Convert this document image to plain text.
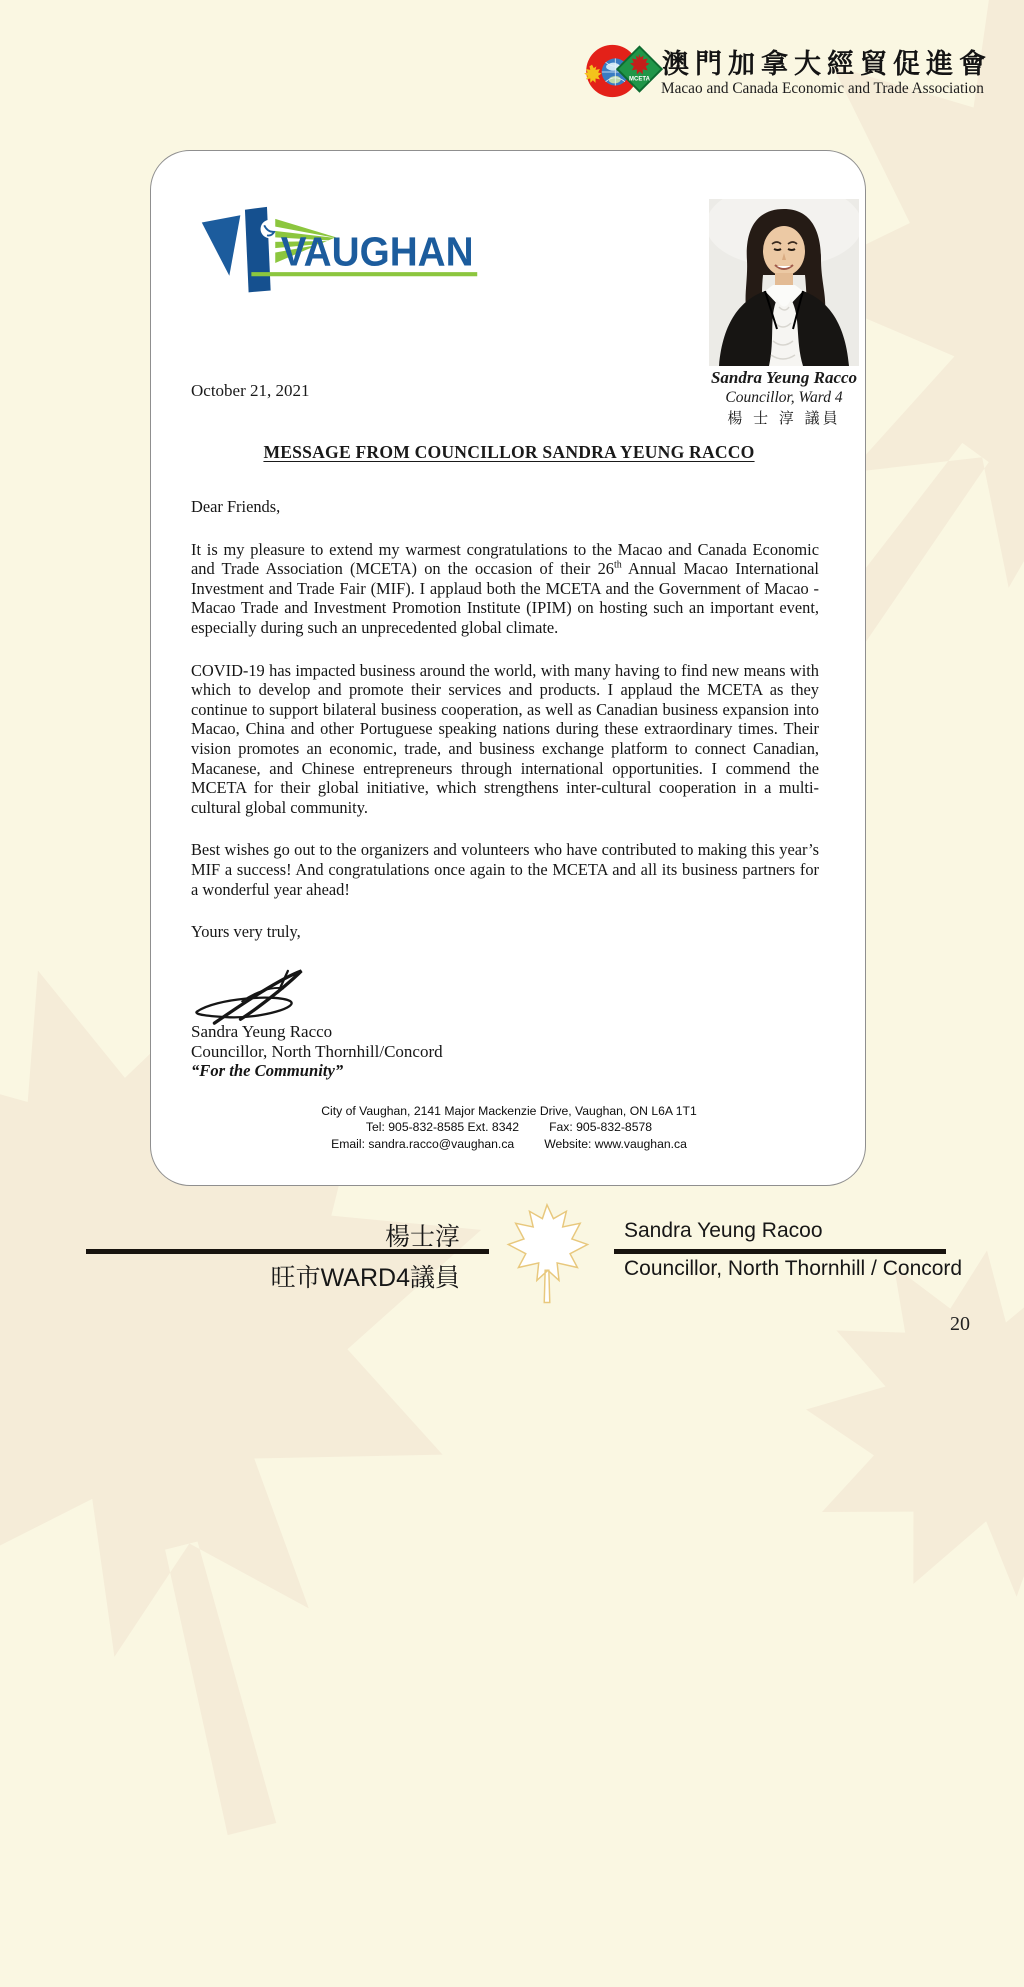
MCETA 澳門加拿大經貿促進會
Macao and Canada Economic and Trade Association
VAUGHAN
Sandra Yeung Racco
Councillor, Ward 4
楊 士 淳 議員
October 21, 2021
MESSAGE FROM COUNCILLOR SANDRA YEUNG RACCO

Dear Friends,

It is my pleasure to extend my warmest congratulations to the Macao and Canada Economic and Trade Association (MCETA) on the occasion of their 26th Annual Macao International Investment and Trade Fair (MIF). I applaud both the MCETA and the Government of Macao - Macao Trade and Investment Promotion Institute (IPIM) on hosting such an important event, especially during such an unprecedented global climate.

COVID-19 has impacted business around the world, with many having to find new means with which to develop and promote their services and products. I applaud the MCETA as they continue to support bilateral business cooperation, as well as Canadian business expansion into Macao, China and other Portuguese speaking nations during these extraordinary times. Their vision promotes an economic, trade, and business exchange platform to connect Canadian, Macanese, and Chinese entrepreneurs through international opportunities. I commend the MCETA for their global initiative, which strengthens inter-cultural cooperation in a multi-cultural global community.

Best wishes go out to the organizers and volunteers who have contributed to making this year’s MIF a success! And congratulations once again to the MCETA and all its business partners for a wonderful year ahead!

Yours very truly,

Sandra Yeung Racco
Councillor, North Thornhill/Concord
“For the Community”
City of Vaughan, 2141 Major Mackenzie Drive, Vaughan, ON L6A 1T1
Tel: 905-832-8585 Ext. 8342 Fax: 905-832-8578
Email: sandra.racco@vaughan.ca Website: www.vaughan.ca
楊士淳
旺市WARD4議員
Sandra Yeung Racoo
Councillor, North Thornhill / Concord
20
